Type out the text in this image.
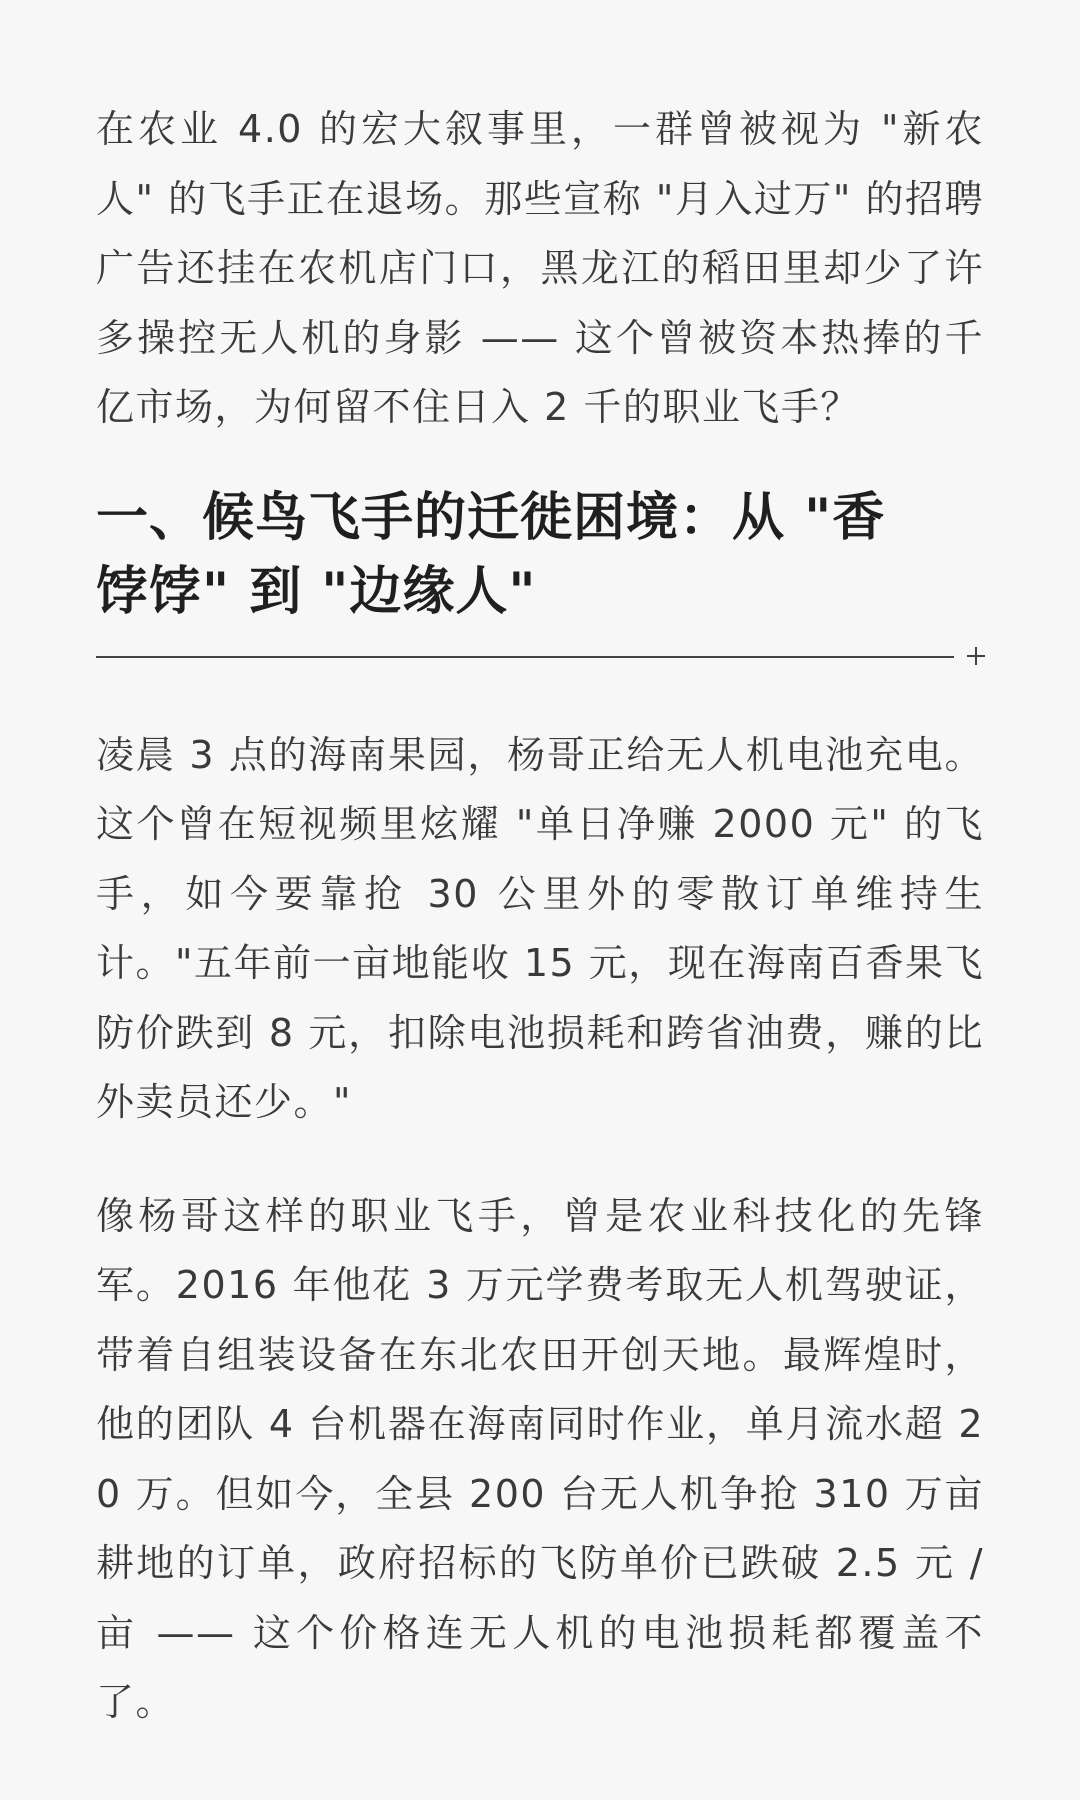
在农业 4.0 的宏大叙事里，一群曾被视为 "新农人" 的飞手正在退场。那些宣称 "月入过万" 的招聘广告还挂在农机店门口，黑龙江的稻田里却少了许多操控无人机的身影 —— 这个曾被资本热捧的千亿市场，为何留不住日入 2 千的职业飞手？

一、候鸟飞手的迁徙困境：从 "香饽饽" 到 "边缘人"

凌晨 3 点的海南果园，杨哥正给无人机电池充电。这个曾在短视频里炫耀 "单日净赚 2000 元" 的飞手，如今要靠抢 30 公里外的零散订单维持生计。"五年前一亩地能收 15 元，现在海南百香果飞防价跌到 8 元，扣除电池损耗和跨省油费，赚的比外卖员还少。"

像杨哥这样的职业飞手，曾是农业科技化的先锋军。2016 年他花 3 万元学费考取无人机驾驶证，带着自组装设备在东北农田开创天地。最辉煌时，他的团队 4 台机器在海南同时作业，单月流水超 20 万。但如今，全县 200 台无人机争抢 310 万亩耕地的订单，政府招标的飞防单价已跌破 2.5 元 / 亩 —— 这个价格连无人机的电池损耗都覆盖不了。
